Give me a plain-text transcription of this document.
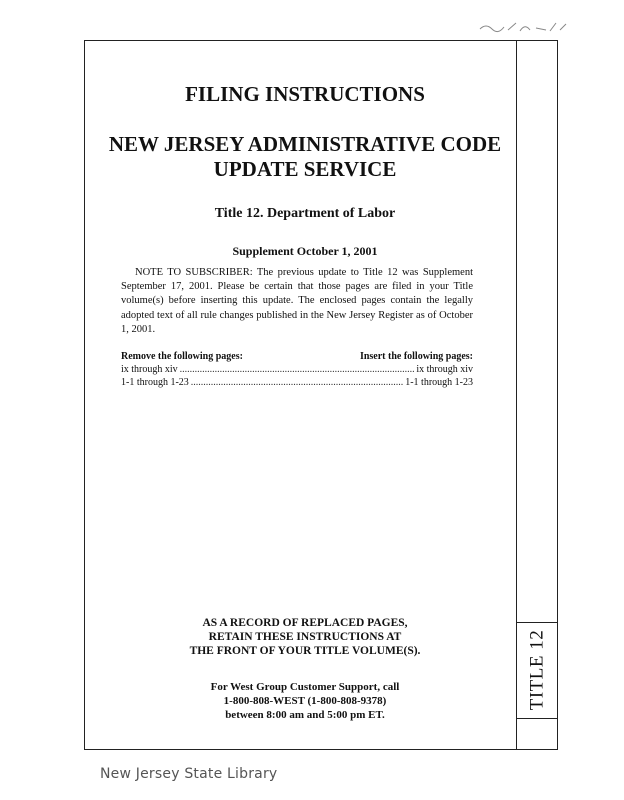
TITLE 12
FILING INSTRUCTIONS
NEW JERSEY ADMINISTRATIVE CODE
UPDATE SERVICE
Title 12. Department of Labor

Supplement October 1, 2001

NOTE TO SUBSCRIBER: The previous update to Title 12 was Supplement September 17, 2001. Please be certain that those pages are filed in your Title volume(s) before inserting this update. The enclosed pages contain the legally adopted text of all rule changes published in the New Jersey Register as of October 1, 2001.

Remove the following pages:	Insert the following pages:
ix through xiv .....	ix through xiv
1-1 through 1-23 .....	1-1 through 1-23

AS A RECORD OF REPLACED PAGES,
RETAIN THESE INSTRUCTIONS AT
THE FRONT OF YOUR TITLE VOLUME(S).

For West Group Customer Support, call
1-800-808-WEST (1-800-808-9378)
between 8:00 am and 5:00 pm ET.

New Jersey State Library
